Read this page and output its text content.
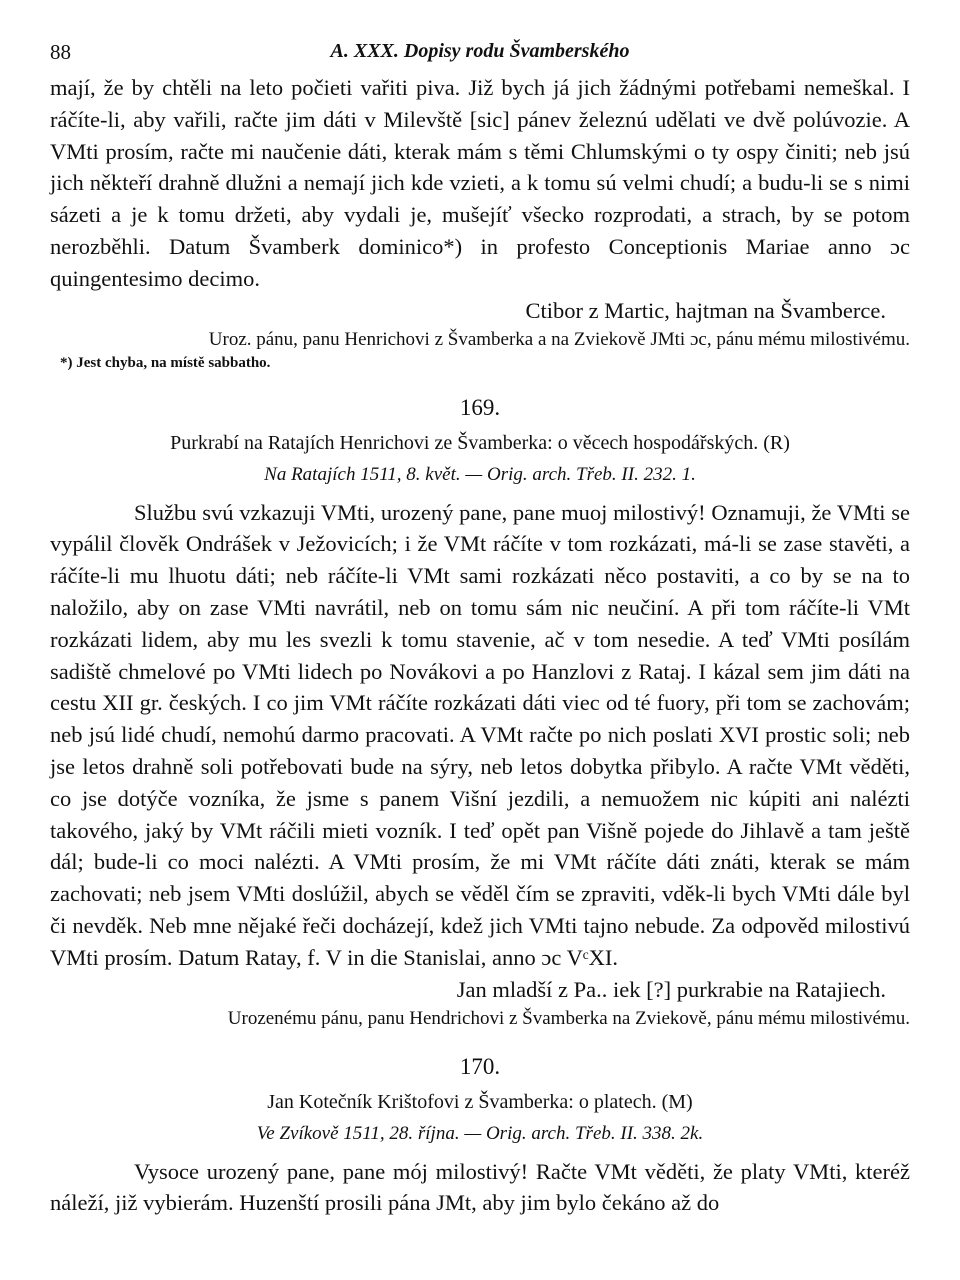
88	A. XXX. Dopisy rodu Švamberského

mají, že by chtěli na leto počieti vařiti piva. Již bych já jich žádnými potřebami nemeškal. I ráčíte-li, aby vařili, račte jim dáti v Milevště [sic] pánev železnú udělati ve dvě polúvozie. A VMti prosím, račte mi naučenie dáti, kterak mám s těmi Chlumskými o ty ospy činiti; neb jsú jich někteří drahně dlužni a nemají jich kde vzieti, a k tomu sú velmi chudí; a budu-li se s nimi sázeti a je k tomu držeti, aby vydali je, mušejíť všecko rozprodati, a strach, by se potom nerozběhli. Datum Švamberk dominico*) in profesto Conceptionis Mariae anno ɔc quingentesimo decimo.

Ctibor z Martic, hajtman na Švamberce.

Uroz. pánu, panu Henrichovi z Švamberka a na Zviekově JMti ɔc, pánu mému milostivému.

*) Jest chyba, na místě sabbatho.

169.

Purkrabí na Ratajích Henrichovi ze Švamberka: o věcech hospodářských. (R)

Na Ratajích 1511, 8. květ. — Orig. arch. Třeb. II. 232. 1.

Službu svú vzkazuji VMti, urozený pane, pane muoj milostivý! Oznamuji, že VMti se vypálil člověk Ondrášek v Ježovicích; i že VMt ráčíte v tom rozkázati, má-li se zase stavěti, a ráčíte-li mu lhuotu dáti; neb ráčíte-li VMt sami rozkázati něco postaviti, a co by se na to naložilo, aby on zase VMti navrátil, neb on tomu sám nic neučiní. A při tom ráčíte-li VMt rozkázati lidem, aby mu les svezli k tomu stavenie, ač v tom nesedie. A teď VMti posílám sadiště chmelové po VMti lidech po Novákovi a po Hanzlovi z Rataj. I kázal sem jim dáti na cestu XII gr. českých. I co jim VMt ráčíte rozkázati dáti viec od té fuory, při tom se zachovám; neb jsú lidé chudí, nemohú darmo pracovati. A VMt račte po nich poslati XVI prostic soli; neb jse letos drahně soli potřebovati bude na sýry, neb letos dobytka přibylo. A račte VMt věděti, co jse dotýče vozníka, že jsme s panem Višní jezdili, a nemuožem nic kúpiti ani nalézti takového, jaký by VMt ráčili mieti vozník. I teď opět pan Višně pojede do Jihlavě a tam ještě dál; bude-li co moci nalézti. A VMti prosím, že mi VMt ráčíte dáti znáti, kterak se mám zachovati; neb jsem VMti doslúžil, abych se věděl čím se zpraviti, vděk-li bych VMti dále byl či nevděk. Neb mne nějaké řeči docházejí, kdež jich VMti tajno nebude. Za odpověd milostivú VMti prosím. Datum Ratay, f. V in die Stanislai, anno ɔc VᶜXI.

Jan mladší z Pa.. iek [?] purkrabie na Ratajiech.

Urozenému pánu, panu Hendrichovi z Švamberka na Zviekově, pánu mému milostivému.

170.

Jan Kotečník Krištofovi z Švamberka: o platech. (M)

Ve Zvíkově 1511, 28. října. — Orig. arch. Třeb. II. 338. 2k.

Vysoce urozený pane, pane mój milostivý! Račte VMt věděti, že platy VMti, kteréž náleží, již vybierám. Huzenští prosili pána JMt, aby jim bylo čekáno až do
